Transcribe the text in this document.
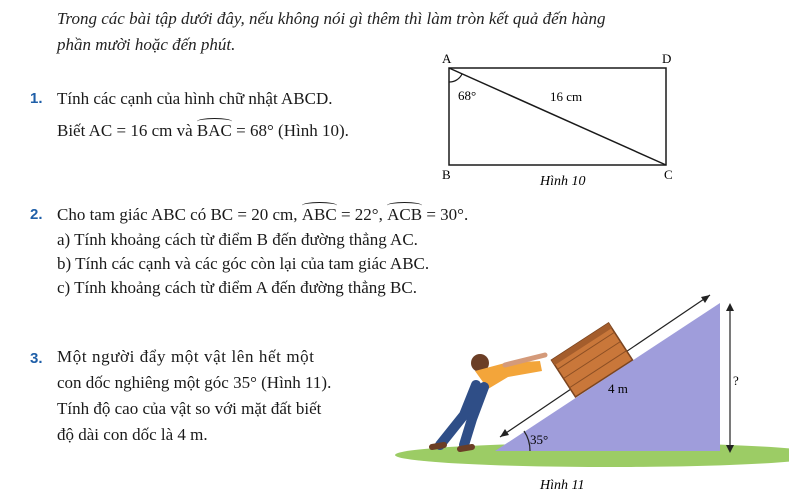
Trong các bài tập dưới đây, nếu không nói gì thêm thì làm tròn kết quả đến hàng
phần mười hoặc đến phút.
1. Tính các cạnh của hình chữ nhật ABCD.
Biết AC = 16 cm và BAC = 68° (Hình 10).
A	D
B	C
68°	16 cm
Hình 10
2. Cho tam giác ABC có BC = 20 cm, ABC = 22°, ACB = 30°.
a) Tính khoảng cách từ điểm B đến đường thẳng AC.
b) Tính các cạnh và các góc còn lại của tam giác ABC.
c) Tính khoảng cách từ điểm A đến đường thẳng BC.
3. Một người đẩy một vật lên hết một
con dốc nghiêng một góc 35° (Hình 11).
Tính độ cao của vật so với mặt đất biết
độ dài con dốc là 4 m.	35°
4 m
?
Hình 11
